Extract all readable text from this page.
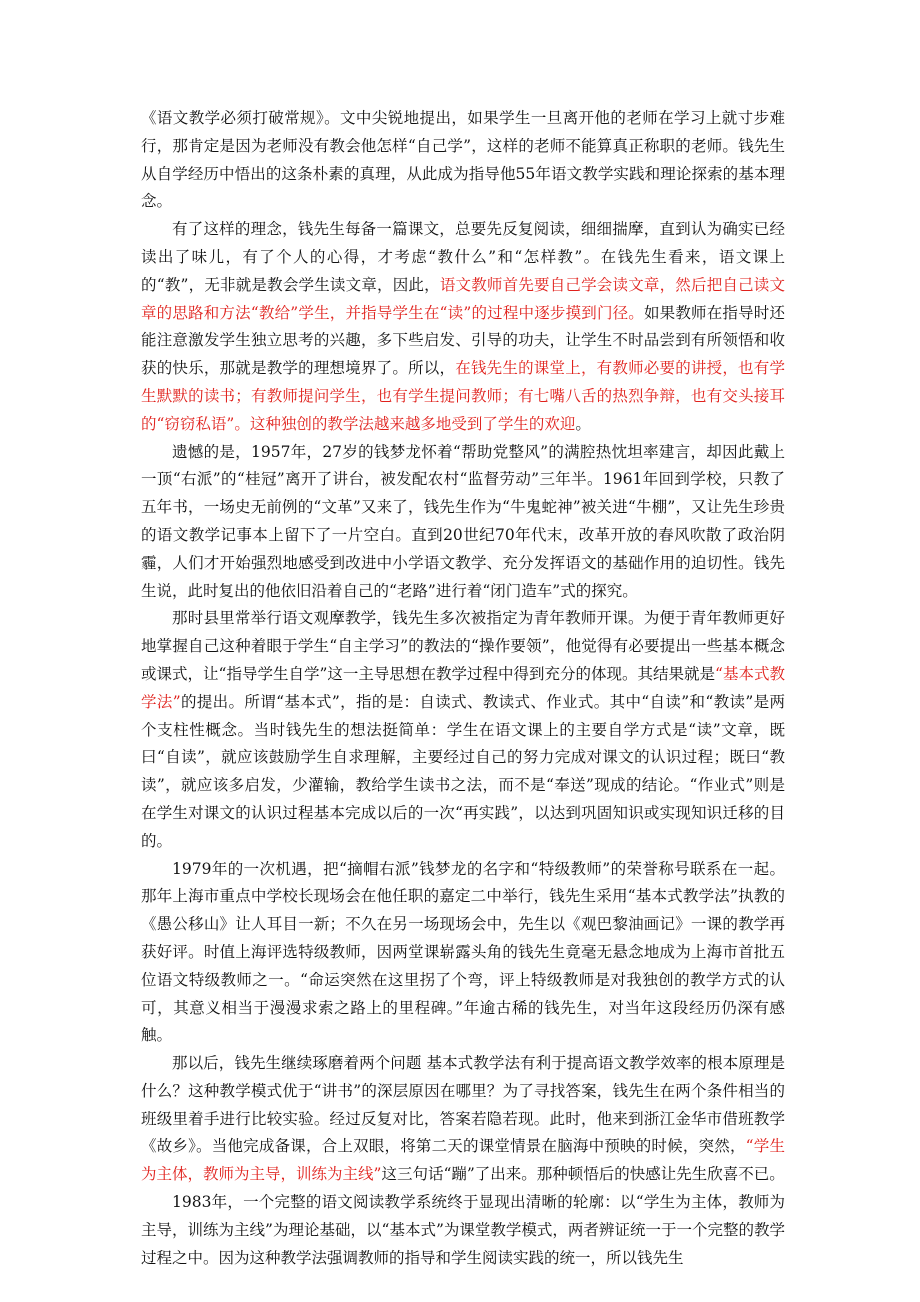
《语文教学必须打破常规》。文中尖锐地提出，如果学生一旦离开他的老师在学习上就寸步难行，那肯定是因为老师没有教会他怎样“自己学”，这样的老师不能算真正称职的老师。钱先生从自学经历中悟出的这条朴素的真理，从此成为指导他55年语文教学实践和理论探索的基本理念。

有了这样的理念，钱先生每备一篇课文，总要先反复阅读，细细揣摩，直到认为确实已经读出了味儿，有了个人的心得，才考虑“教什么”和“怎样教”。在钱先生看来，语文课上的“教”，无非就是教会学生读文章，因此，语文教师首先要自己学会读文章，然后把自己读文章的思路和方法“教给”学生，并指导学生在“读”的过程中逐步摸到门径。如果教师在指导时还能注意激发学生独立思考的兴趣，多下些启发、引导的功夫，让学生不时品尝到有所领悟和收获的快乐，那就是教学的理想境界了。所以，在钱先生的课堂上，有教师必要的讲授，也有学生默默的读书；有教师提问学生，也有学生提问教师；有七嘴八舌的热烈争辩，也有交头接耳的“窃窃私语”。这种独创的教学法越来越多地受到了学生的欢迎。

遗憾的是，1957年，27岁的钱梦龙怀着“帮助党整风”的满腔热忱坦率建言，却因此戴上一顶“右派”的“桂冠”离开了讲台，被发配农村“监督劳动”三年半。1961年回到学校，只教了五年书，一场史无前例的“文革”又来了，钱先生作为“牛鬼蛇神”被关进“牛棚”，又让先生珍贵的语文教学记事本上留下了一片空白。直到20世纪70年代末，改革开放的春风吹散了政治阴霾，人们才开始强烈地感受到改进中小学语文教学、充分发挥语文的基础作用的迫切性。钱先生说，此时复出的他依旧沿着自己的“老路”进行着“闭门造车”式的探究。

那时县里常举行语文观摩教学，钱先生多次被指定为青年教师开课。为便于青年教师更好地掌握自己这种着眼于学生“自主学习”的教法的“操作要领”，他觉得有必要提出一些基本概念或课式，让“指导学生自学”这一主导思想在教学过程中得到充分的体现。其结果就是“基本式教学法”的提出。所谓“基本式”，指的是：自读式、教读式、作业式。其中“自读”和“教读”是两个支柱性概念。当时钱先生的想法挺简单：学生在语文课上的主要自学方式是“读”文章，既曰“自读”，就应该鼓励学生自求理解，主要经过自己的努力完成对课文的认识过程；既曰“教读”，就应该多启发，少灌输，教给学生读书之法，而不是“奉送”现成的结论。“作业式”则是在学生对课文的认识过程基本完成以后的一次“再实践”，以达到巩固知识或实现知识迁移的目的。

1979年的一次机遇，把“摘帽右派”钱梦龙的名字和“特级教师”的荣誉称号联系在一起。那年上海市重点中学校长现场会在他任职的嘉定二中举行，钱先生采用“基本式教学法”执教的《愚公移山》让人耳目一新；不久在另一场现场会中，先生以《观巴黎油画记》一课的教学再获好评。时值上海评选特级教师，因两堂课崭露头角的钱先生竟毫无悬念地成为上海市首批五位语文特级教师之一。“命运突然在这里拐了个弯，评上特级教师是对我独创的教学方式的认可，其意义相当于漫漫求索之路上的里程碑。”年逾古稀的钱先生，对当年这段经历仍深有感触。

那以后，钱先生继续琢磨着两个问题 基本式教学法有利于提高语文教学效率的根本原理是什么？这种教学模式优于“讲书”的深层原因在哪里？为了寻找答案，钱先生在两个条件相当的班级里着手进行比较实验。经过反复对比，答案若隐若现。此时，他来到浙江金华市借班教学《故乡》。当他完成备课，合上双眼，将第二天的课堂情景在脑海中预映的时候，突然，“学生为主体，教师为主导，训练为主线”这三句话“蹦”了出来。那种顿悟后的快感让先生欣喜不已。

1983年，一个完整的语文阅读教学系统终于显现出清晰的轮廓：以“学生为主体，教师为主导，训练为主线”为理论基础，以“基本式”为课堂教学模式，两者辨证统一于一个完整的教学过程之中。因为这种教学法强调教师的指导和学生阅读实践的统一，所以钱先生
